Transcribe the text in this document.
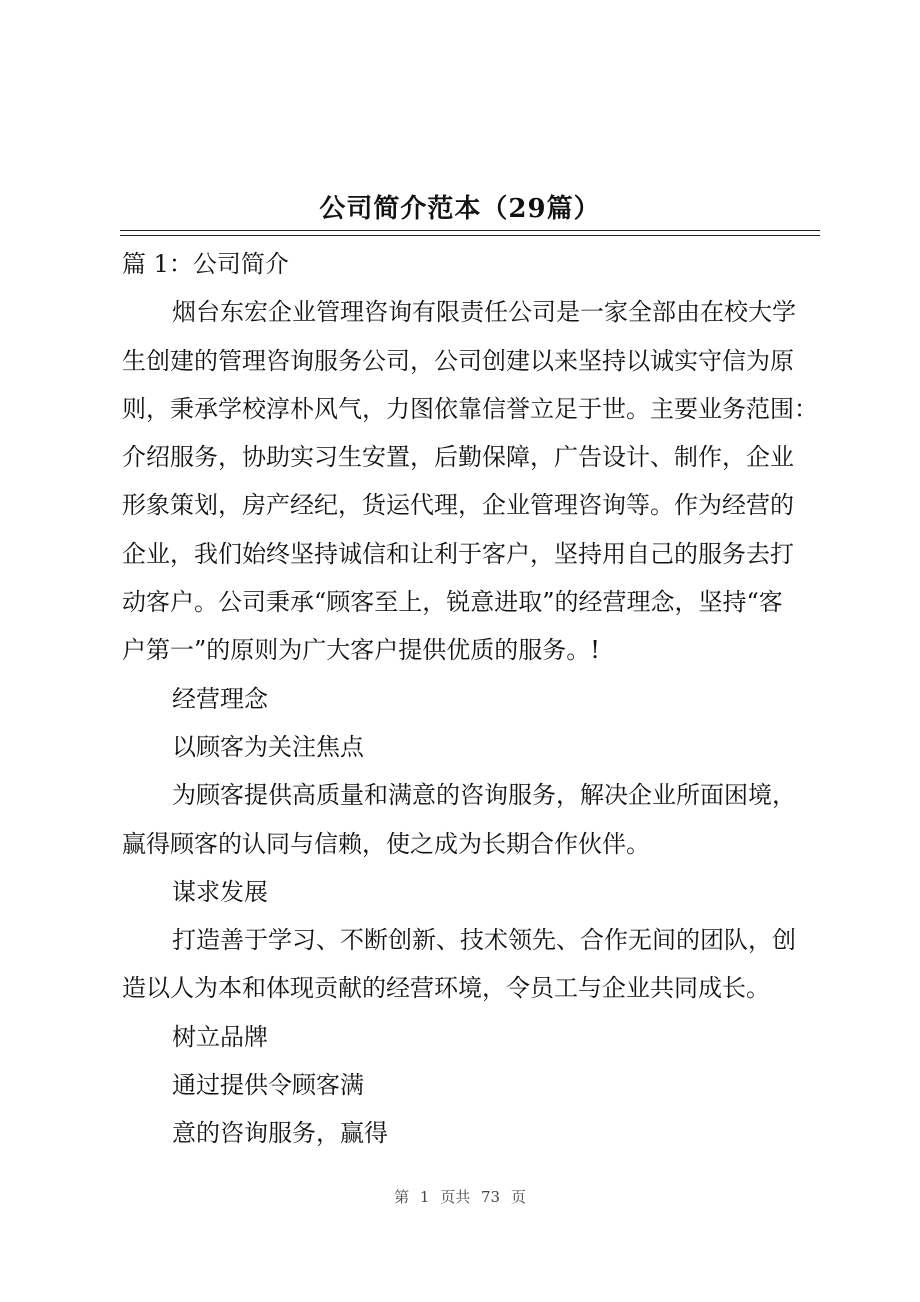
公司简介范本（29篇）
篇 1：公司简介
烟台东宏企业管理咨询有限责任公司是一家全部由在校大学
生创建的管理咨询服务公司，公司创建以来坚持以诚实守信为原
则，秉承学校淳朴风气，力图依靠信誉立足于世。主要业务范围：
介绍服务，协助实习生安置，后勤保障，广告设计、制作，企业
形象策划，房产经纪，货运代理，企业管理咨询等。作为经营的
企业，我们始终坚持诚信和让利于客户，坚持用自己的服务去打
动客户。公司秉承“顾客至上，锐意进取”的经营理念，坚持“客
户第一”的原则为广大客户提供优质的服务。!
经营理念
以顾客为关注焦点
为顾客提供高质量和满意的咨询服务，解决企业所面困境，
赢得顾客的认同与信赖，使之成为长期合作伙伴。
谋求发展
打造善于学习、不断创新、技术领先、合作无间的团队，创
造以人为本和体现贡献的经营环境，令员工与企业共同成长。
树立品牌
通过提供令顾客满
意的咨询服务，赢得
第 1 页共 73 页
